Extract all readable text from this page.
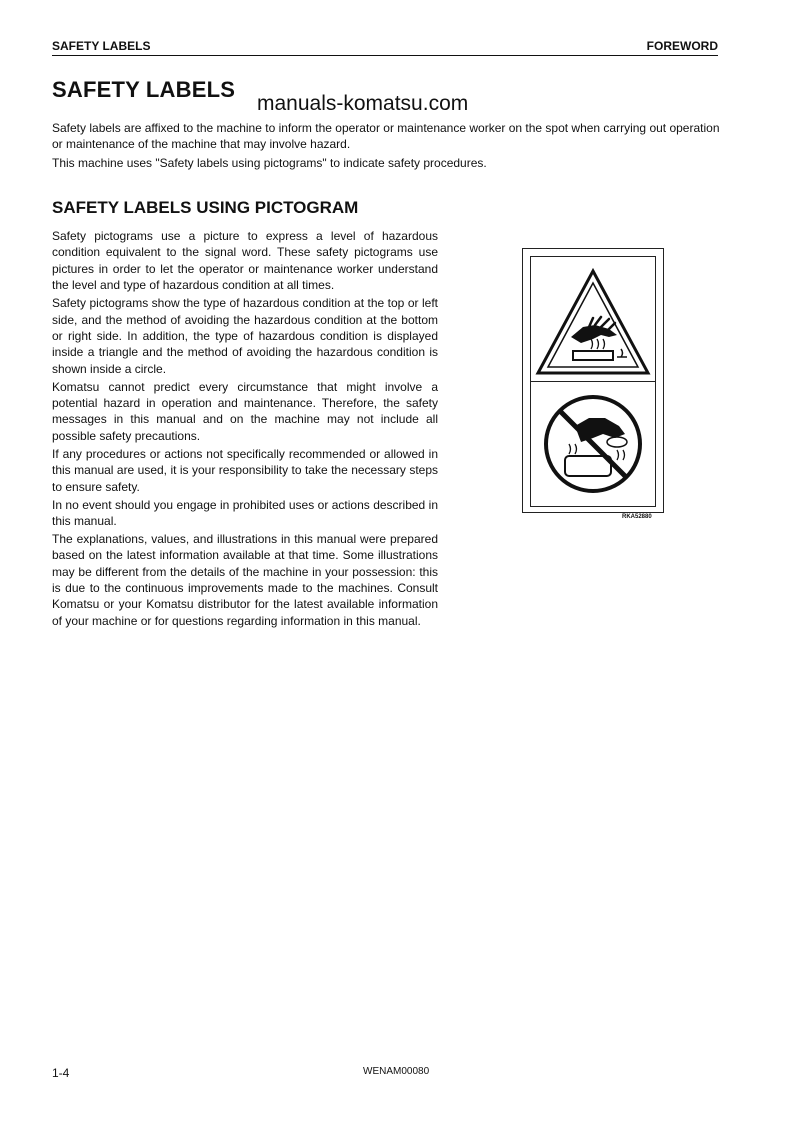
SAFETY LABELS	FOREWORD
SAFETY LABELS
manuals-komatsu.com

Safety labels are affixed to the machine to inform the operator or maintenance worker on the spot when carrying out operation or maintenance of the machine that may involve hazard.

This machine uses "Safety labels using pictograms" to indicate safety procedures.

SAFETY LABELS USING PICTOGRAM

Safety pictograms use a picture to express a level of hazardous condition equivalent to the signal word. These safety pictograms use pictures in order to let the operator or maintenance worker understand the level and type of hazardous condition at all times.

Safety pictograms show the type of hazardous condition at the top or left side, and the method of avoiding the hazardous condition at the bottom or right side. In addition, the type of hazardous condition is displayed inside a triangle and the method of avoiding the hazardous condition is shown inside a circle.

Komatsu cannot predict every circumstance that might involve a potential hazard in operation and maintenance. Therefore, the safety messages in this manual and on the machine may not include all possible safety precautions.

If any procedures or actions not specifically recommended or allowed in this manual are used, it is your responsibility to take the necessary steps to ensure safety.

In no event should you engage in prohibited uses or actions described in this manual.

The explanations, values, and illustrations in this manual were prepared based on the latest information available at that time. Some illustrations may be different from the details of the machine in your possession: this is due to the continuous improvements made to the machines. Consult Komatsu or your Komatsu distributor for the latest available information of your machine or for questions regarding information in this manual.

RKA52880
1-4	WENAM00080
